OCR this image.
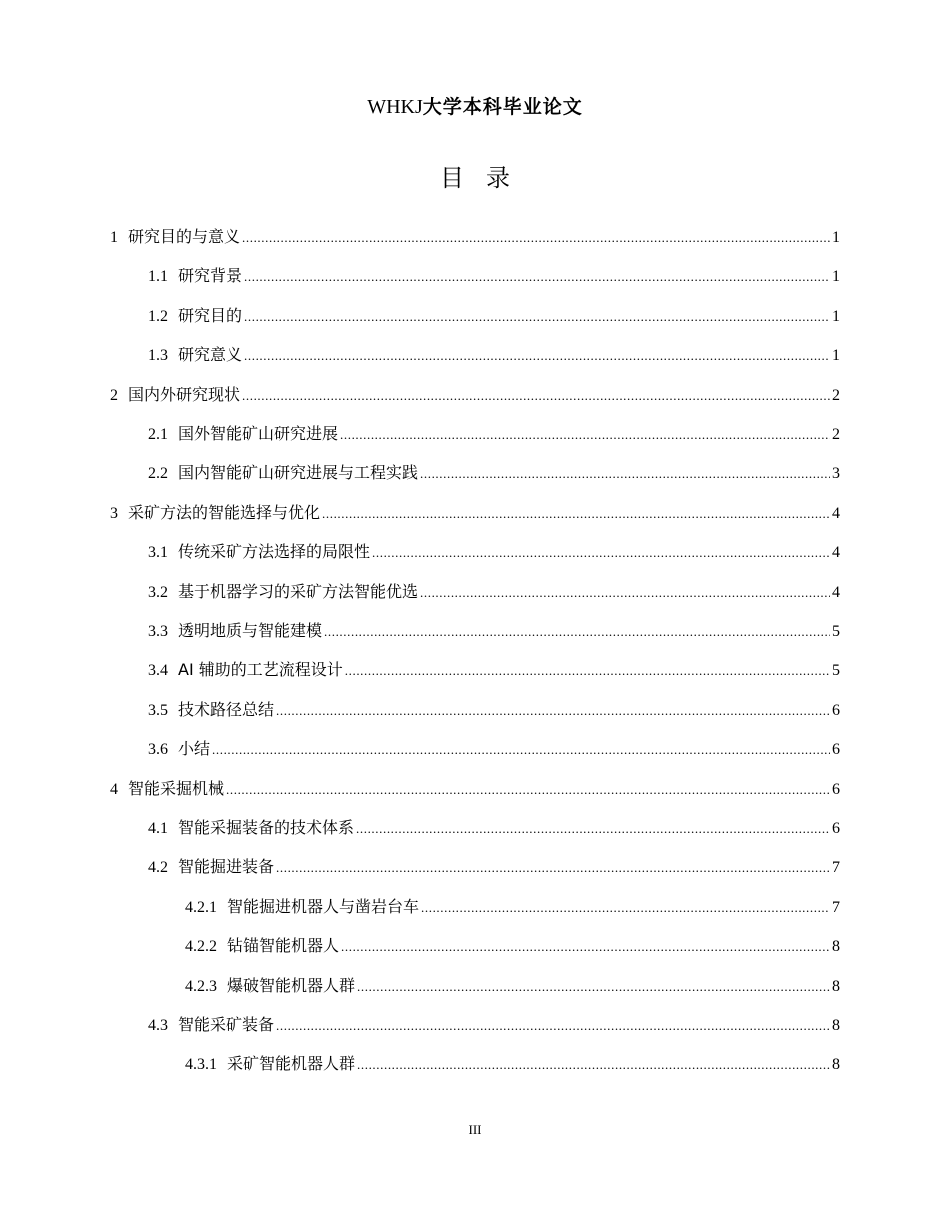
WHKJ大学本科毕业论文
目 录
1 研究目的与意义 .....	1
1.1 研究背景 .....	1
1.2 研究目的 .....	1
1.3 研究意义 .....	1
2 国内外研究现状 .....	2
2.1 国外智能矿山研究进展 .....	2
2.2 国内智能矿山研究进展与工程实践 .....	3
3 采矿方法的智能选择与优化 .....	4
3.1 传统采矿方法选择的局限性 .....	4
3.2 基于机器学习的采矿方法智能优选 .....	4
3.3 透明地质与智能建模 .....	5
3.4 AI 辅助的工艺流程设计 .....	5
3.5 技术路径总结 .....	6
3.6 小结 .....	6
4 智能采掘机械 .....	6
4.1 智能采掘装备的技术体系 .....	6
4.2 智能掘进装备 .....	7
4.2.1 智能掘进机器人与凿岩台车 .....	7
4.2.2 钻锚智能机器人 .....	8
4.2.3 爆破智能机器人群 .....	8
4.3 智能采矿装备 .....	8
4.3.1 采矿智能机器人群 .....	8
III
